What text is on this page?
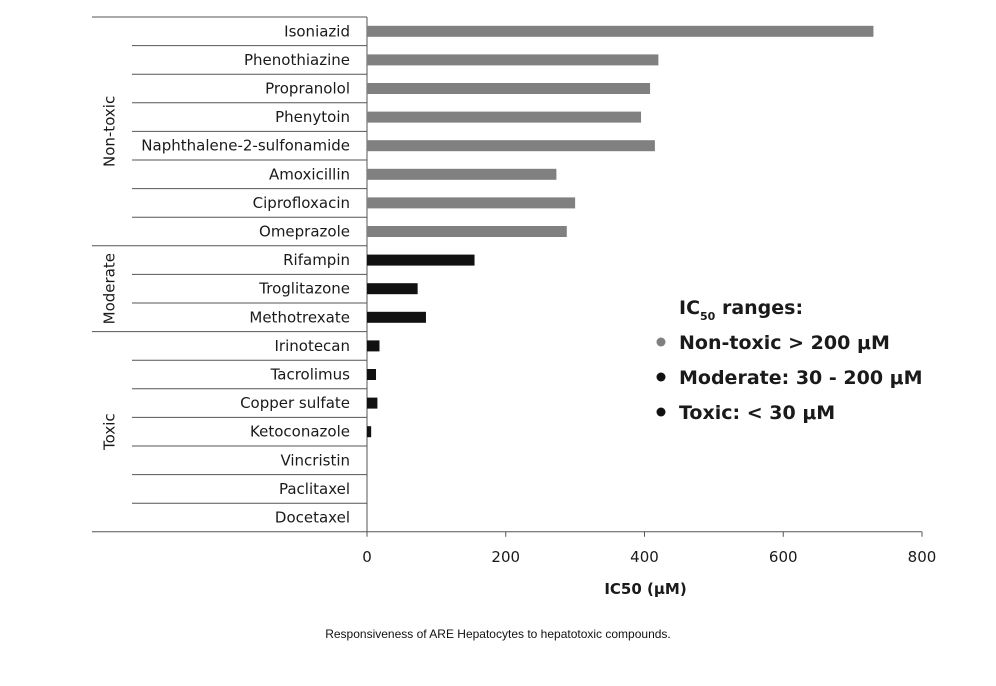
Isoniazid
Phenothiazine
Propranolol
Phenytoin
Naphthalene-2-sulfonamide
Amoxicillin
Ciprofloxacin
Omeprazole
Rifampin
Troglitazone
Methotrexate
Irinotecan
Tacrolimus
Copper sulfate
Ketoconazole
Vincristin
Paclitaxel
Docetaxel
Non-toxic
Moderate
Toxic
0	200	400	600	800
IC50 (μM)
$IC_{50}$ ranges:
Non-toxic > 200 μM
Moderate: 30 - 200 μM
Toxic: < 30 μM
Responsiveness of ARE Hepatocytes to hepatotoxic compounds.
